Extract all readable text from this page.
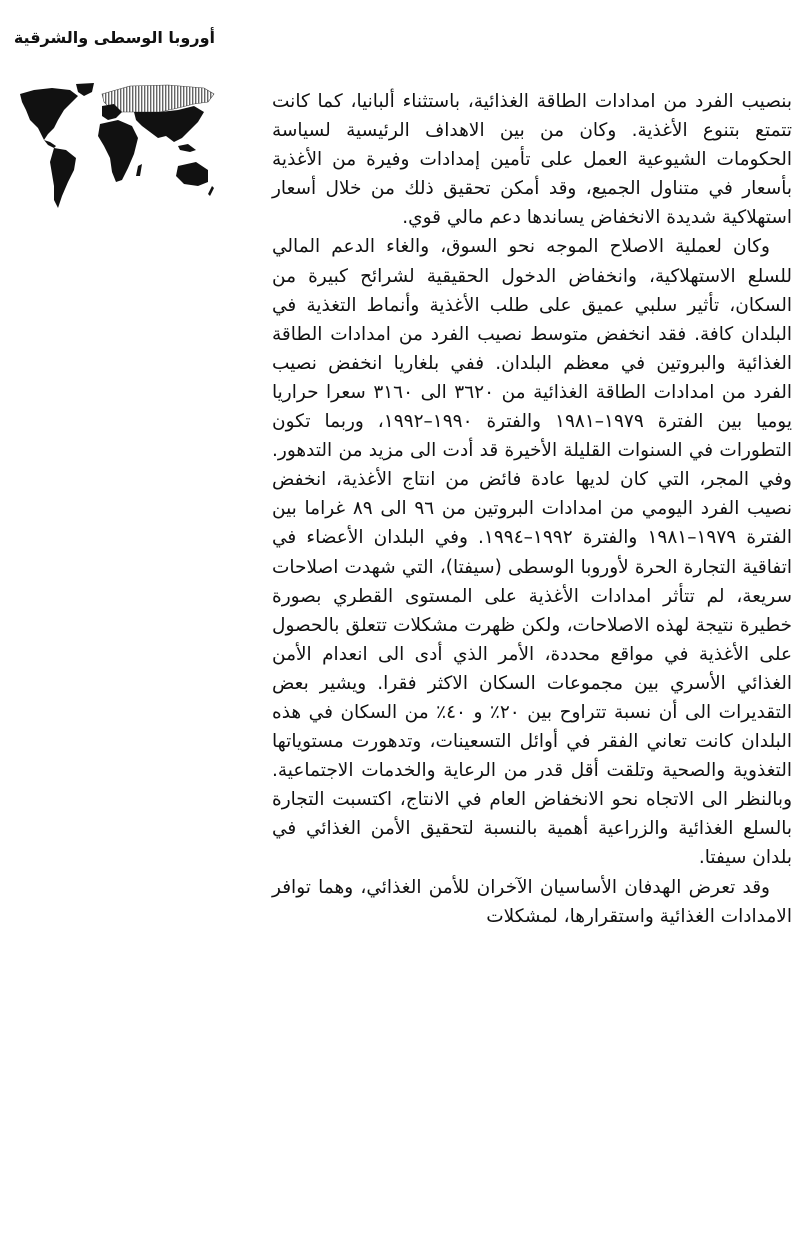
أوروبا الوسطى والشرقية

بنصيب الفرد من امدادات الطاقة الغذائية، باستثناء ألبانيا، كما كانت تتمتع بتنوع الأغذية. وكان من بين الاهداف الرئيسية لسياسة الحكومات الشيوعية العمل على تأمين إمدادات وفيرة من الأغذية بأسعار في متناول الجميع، وقد أمكن تحقيق ذلك من خلال أسعار استهلاكية شديدة الانخفاض يساندها دعم مالي قوي.

وكان لعملية الاصلاح الموجه نحو السوق، والغاء الدعم المالي للسلع الاستهلاكية، وانخفاض الدخول الحقيقية لشرائح كبيرة من السكان، تأثير سلبي عميق على طلب الأغذية وأنماط التغذية في البلدان كافة. فقد انخفض متوسط نصيب الفرد من امدادات الطاقة الغذائية والبروتين في معظم البلدان. ففي بلغاريا انخفض نصيب الفرد من امدادات الطاقة الغذائية من ٣٦٢٠ الى ٣١٦٠ سعرا حراريا يوميا بين الفترة ١٩٧٩–١٩٨١ والفترة ١٩٩٠–١٩٩٢، وربما تكون التطورات في السنوات القليلة الأخيرة قد أدت الى مزيد من التدهور. وفي المجر، التي كان لديها عادة فائض من انتاج الأغذية، انخفض نصيب الفرد اليومي من امدادات البروتين من ٩٦ الى ٨٩ غراما بين الفترة ١٩٧٩–١٩٨١ والفترة ١٩٩٢–١٩٩٤. وفي البلدان الأعضاء في اتفاقية التجارة الحرة لأوروبا الوسطى (سيفتا)، التي شهدت اصلاحات سريعة، لم تتأثر امدادات الأغذية على المستوى القطري بصورة خطيرة نتيجة لهذه الاصلاحات، ولكن ظهرت مشكلات تتعلق بالحصول على الأغذية في مواقع محددة، الأمر الذي أدى الى انعدام الأمن الغذائي الأسري بين مجموعات السكان الاكثر فقرا. ويشير بعض التقديرات الى أن نسبة تتراوح بين ٢٠٪ و ٤٠٪ من السكان في هذه البلدان كانت تعاني الفقر في أوائل التسعينات، وتدهورت مستوياتها التغذوية والصحية وتلقت أقل قدر من الرعاية والخدمات الاجتماعية. وبالنظر الى الاتجاه نحو الانخفاض العام في الانتاج، اكتسبت التجارة بالسلع الغذائية والزراعية أهمية بالنسبة لتحقيق الأمن الغذائي في بلدان سيفتا.

وقد تعرض الهدفان الأساسيان الآخران للأمن الغذائي، وهما توافر الامدادات الغذائية واستقرارها، لمشكلات
